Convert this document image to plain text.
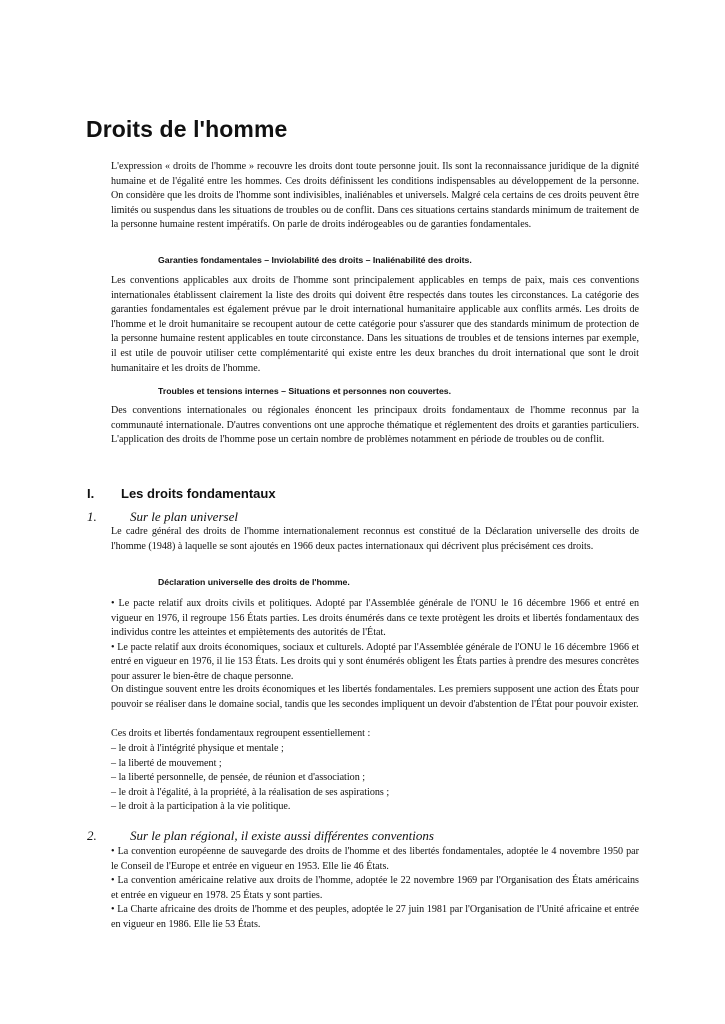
Droits de l'homme

L'expression « droits de l'homme » recouvre les droits dont toute personne jouit. Ils sont la reconnaissance juridique de la dignité humaine et de l'égalité entre les hommes. Ces droits définissent les conditions indispensables au développement de la personne. On considère que les droits de l'homme sont indivisibles, inaliénables et universels. Malgré cela certains de ces droits peuvent être limités ou suspendus dans les situations de troubles ou de conflit. Dans ces situations certains standards minimum de traitement de la personne humaine restent impératifs. On parle de droits indérogeables ou de garanties fondamentales.

Garanties fondamentales – Inviolabilité des droits – Inaliénabilité des droits.

Les conventions applicables aux droits de l'homme sont principalement applicables en temps de paix, mais ces conventions internationales établissent clairement la liste des droits qui doivent être respectés dans toutes les circonstances. La catégorie des garanties fondamentales est également prévue par le droit international humanitaire applicable aux conflits armés. Les droits de l'homme et le droit humanitaire se recoupent autour de cette catégorie pour s'assurer que des standards minimum de protection de la personne humaine restent applicables en toute circonstance. Dans les situations de troubles et de tensions internes par exemple, il est utile de pouvoir utiliser cette complémentarité qui existe entre les deux branches du droit international que sont le droit humanitaire et les droits de l'homme.

Troubles et tensions internes – Situations et personnes non couvertes.

Des conventions internationales ou régionales énoncent les principaux droits fondamentaux de l'homme reconnus par la communauté internationale. D'autres conventions ont une approche thématique et réglementent des droits et garanties particuliers. L'application des droits de l'homme pose un certain nombre de problèmes notamment en période de troubles ou de conflit.

I. Les droits fondamentaux
1.	Sur le plan universel

Le cadre général des droits de l'homme internationalement reconnus est constitué de la Déclaration universelle des droits de l'homme (1948) à laquelle se sont ajoutés en 1966 deux pactes internationaux qui décrivent plus précisément ces droits.

Déclaration universelle des droits de l'homme.

• Le pacte relatif aux droits civils et politiques. Adopté par l'Assemblée générale de l'ONU le 16 décembre 1966 et entré en vigueur en 1976, il regroupe 156 États parties. Les droits énumérés dans ce texte protègent les droits et libertés fondamentaux des individus contre les atteintes et empiètements des autorités de l'État.
• Le pacte relatif aux droits économiques, sociaux et culturels. Adopté par l'Assemblée générale de l'ONU le 16 décembre 1966 et entré en vigueur en 1976, il lie 153 États. Les droits qui y sont énumérés obligent les États parties à prendre des mesures concrètes pour assurer le bien-être de chaque personne.

On distingue souvent entre les droits économiques et les libertés fondamentales. Les premiers supposent une action des États pour pouvoir se réaliser dans le domaine social, tandis que les secondes impliquent un devoir d'abstention de l'État pour pouvoir exister.

Ces droits et libertés fondamentaux regroupent essentiellement :

– le droit à l'intégrité physique et mentale ;
– la liberté de mouvement ;
– la liberté personnelle, de pensée, de réunion et d'association ;
– le droit à l'égalité, à la propriété, à la réalisation de ses aspirations ;
– le droit à la participation à la vie politique.
2.	Sur le plan régional, il existe aussi différentes conventions
• La convention européenne de sauvegarde des droits de l'homme et des libertés fondamentales, adoptée le 4 novembre 1950 par le Conseil de l'Europe et entrée en vigueur en 1953. Elle lie 46 États.
• La convention américaine relative aux droits de l'homme, adoptée le 22 novembre 1969 par l'Organisation des États américains et entrée en vigueur en 1978. 25 États y sont parties.
• La Charte africaine des droits de l'homme et des peuples, adoptée le 27 juin 1981 par l'Organisation de l'Unité africaine et entrée en vigueur en 1986. Elle lie 53 États.
